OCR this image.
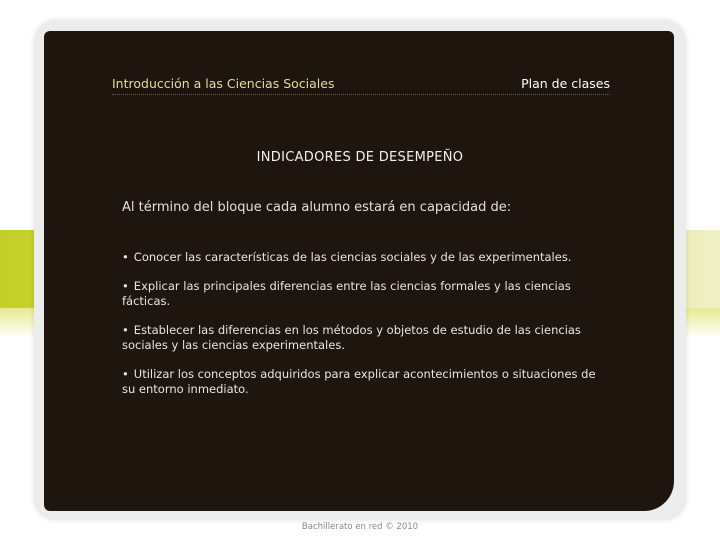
Introducción a las Ciencias Sociales	Plan de clases
INDICADORES DE DESEMPEÑO
Al término del bloque cada alumno estará en capacidad de:
• Conocer las características de las ciencias sociales y de las experimentales.
• Explicar las principales diferencias entre las ciencias formales y las ciencias fácticas.
• Establecer las diferencias en los métodos y objetos de estudio de las ciencias sociales y las ciencias experimentales.
• Utilizar los conceptos adquiridos para explicar acontecimientos o situaciones de su entorno inmediato.
Bachillerato en red © 2010
